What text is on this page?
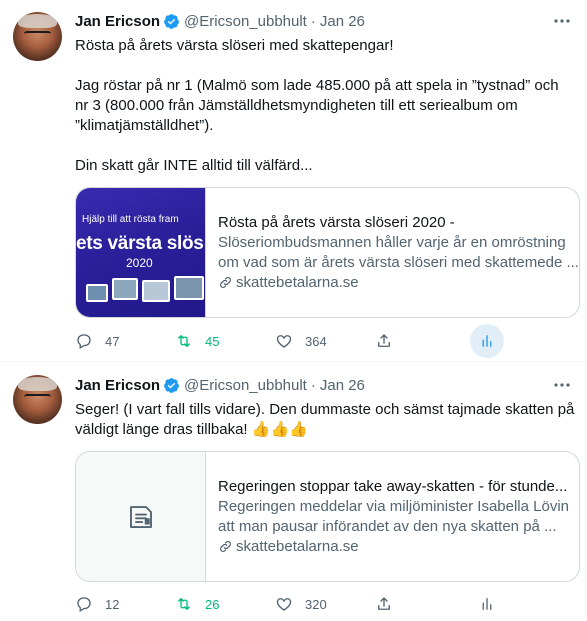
Jan Ericson @Ericson_ubbhult · Jan 26

Rösta på årets värsta slöseri med skattepengar!

Jag röstar på nr 1 (Malmö som lade 485.000 på att spela in ”tystnad” och nr 3 (800.000 från Jämställdhetsmyndigheten till ett seriealbum om ”klimatjämställdhet”).

Din skatt går INTE alltid till välfärd...

Hjälp till att rösta fram
ets värsta slös
2020
Rösta på årets värsta slöseri 2020 -
Slöseriombudsmannen håller varje år en omröstning om vad som är årets värsta slöseri med skattemede ...
skattebetalarna.se
47	45	364
Jan Ericson @Ericson_ubbhult · Jan 26

Seger! (I vart fall tills vidare). Den dummaste och sämst tajmade skatten på väldigt länge dras tillbaka! 👍👍👍

Regeringen stoppar take away-skatten - för stunde...
Regeringen meddelar via miljöminister Isabella Lövin att man pausar införandet av den nya skatten på ...
skattebetalarna.se
12	26	320
